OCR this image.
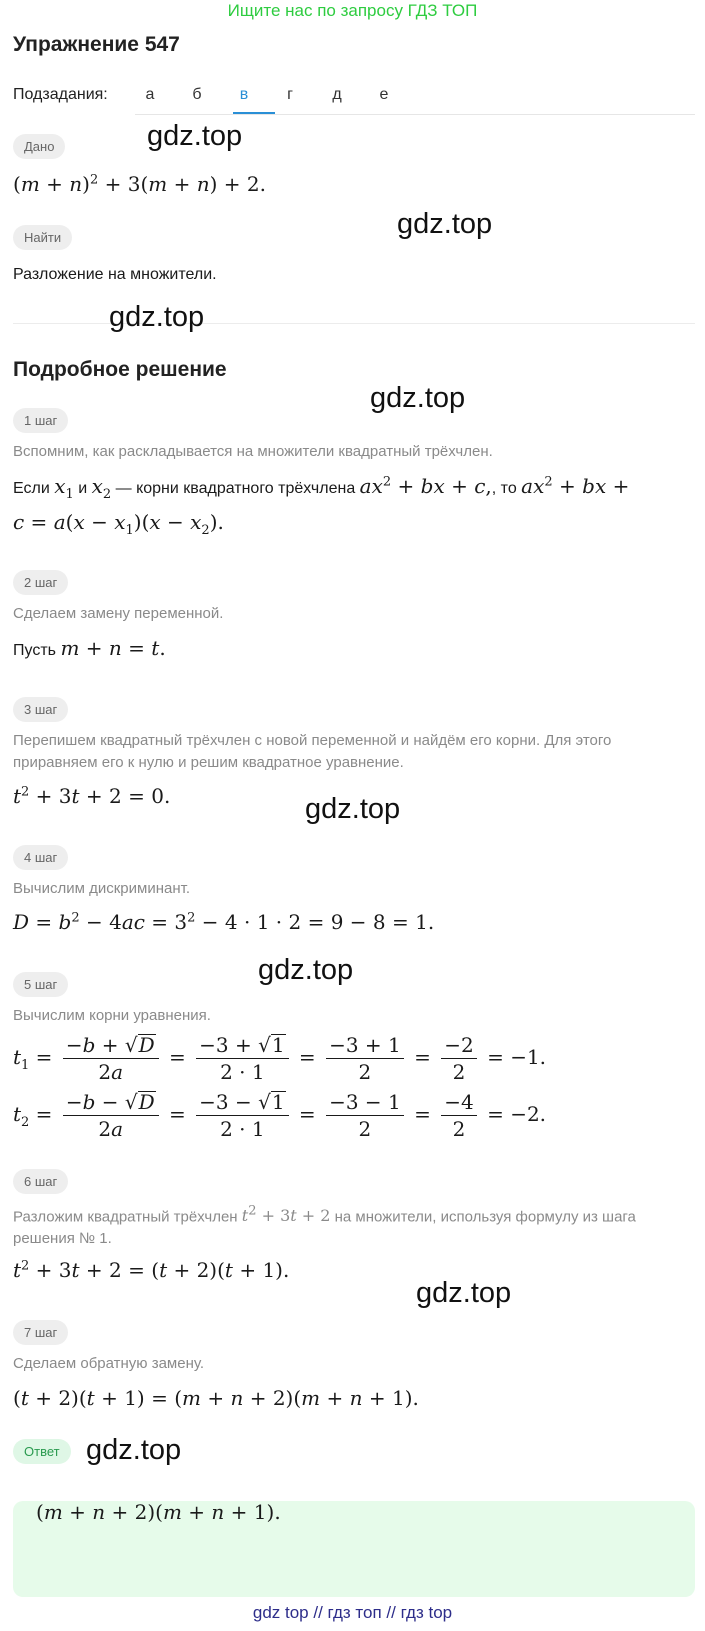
Ищите нас по запросу ГДЗ ТОП
Упражнение 547
Подзадания:	а	б	в	г	д	е
Дано
$(m + n)^2 + 3(m + n) + 2$.
Найти
Разложение на множители.
Подробное решение
1 шаг
Вспомним, как раскладывается на множители квадратный трёхчлен.
Если $x_1$ и $x_2$ — корни квадратного трёхчлена $ax^2$ + bx + c,, то $ax^2$ + bx +
$c = a(x - x_1)(x - x_2)$.
2 шаг
Сделаем замену переменной.
Пусть m + n = t.
3 шаг
Перепишем квадратный трёхчлен с новой переменной и найдём его корни. Для этого приравняем его к нулю и решим квадратное уравнение.
$t^2 + 3t + 2 = 0$.
4 шаг
Вычислим дискриминант.
$D = b^2 - 4ac = 3^2 - 4 \cdot 1 \cdot 2 = 9 - 8 = 1$.
5 шаг
Вычислим корни уравнения.
$t_1 = \frac{-b + √D}{2a} = \frac{-3 + √1}{2 \cdot 1} = \frac{-3 + 1}{2} = \frac{-2}{2} = -1$.
$t_2 = \frac{-b - √D}{2a} = \frac{-3 - √1}{2 \cdot 1} = \frac{-3 - 1}{2} = \frac{-4}{2} = -2$.
6 шаг
Разложим квадратный трёхчлен $t^2 + 3t + 2$ на множители, используя формулу из шага решения № 1.
$t^2 + 3t + 2 = (t + 2)(t + 1)$.
7 шаг
Сделаем обратную замену.
(t + 2)(t + 1) = (m + n + 2)(m + n + 1).
Ответ
(m + n + 2)(m + n + 1).
gdz.top
gdz.top
gdz.top
gdz.top
gdz.top
gdz.top
gdz.top
gdz.top
gdz top // гдз топ // гдз top
